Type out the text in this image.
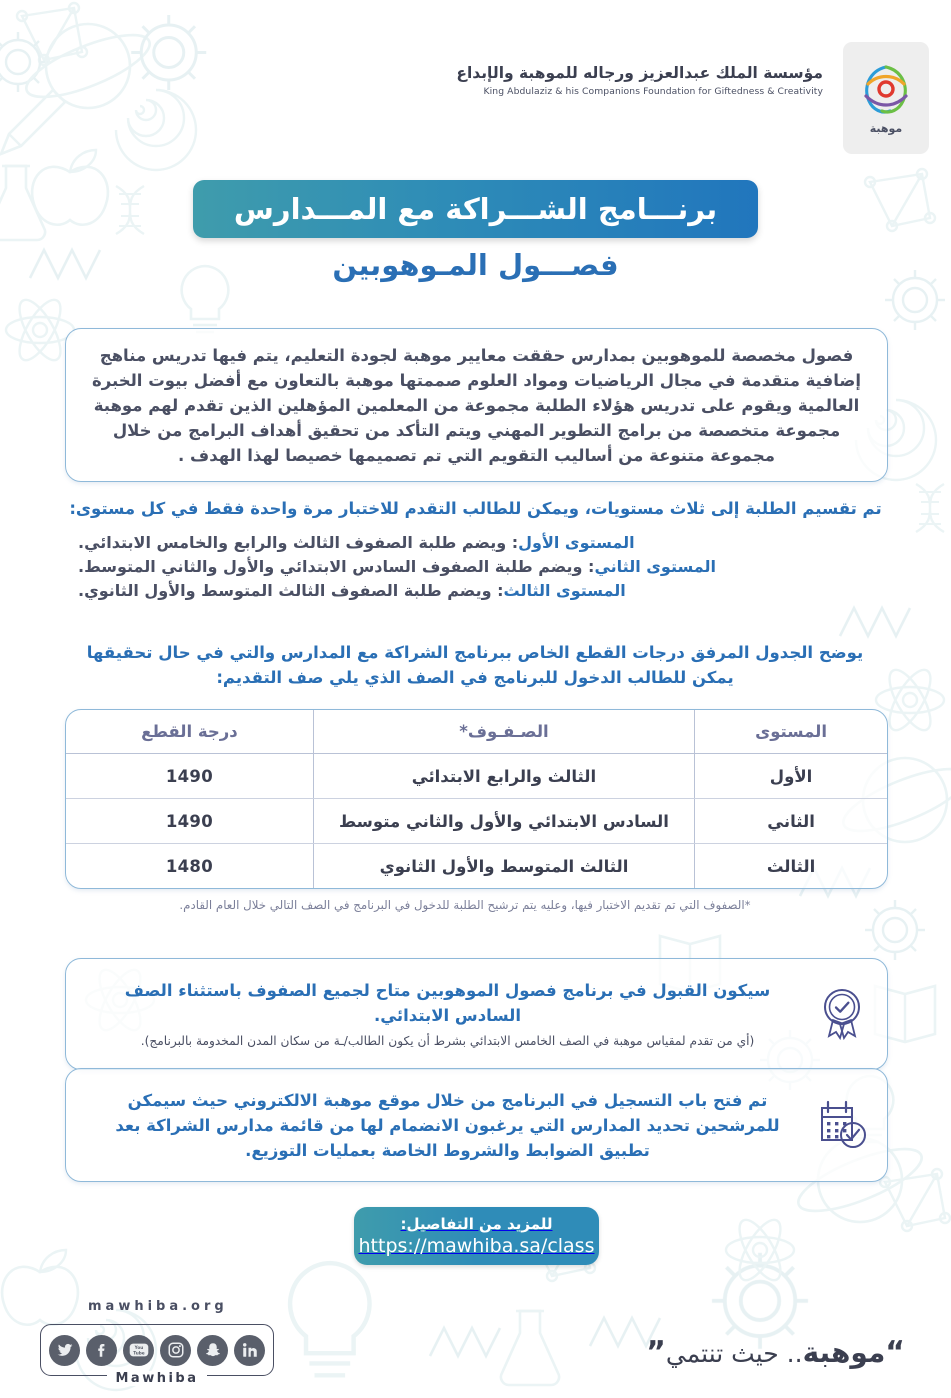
مؤسسة الملك عبدالعزيز ورجاله للموهبة والإبداع
King Abdulaziz & his Companions Foundation for Giftedness & Creativity
موهبة
برنـــامج الشـــراكة مع المـــدارس
فصـــول المـوهوبين

فصول مخصصة للموهوبين بمدارس حققت معايير موهبة لجودة التعليم، يتم فيها تدريس مناهج إضافية متقدمة في مجال الرياضيات ومواد العلوم صممتها موهبة بالتعاون مع أفضل بيوت الخبرة العالمية ويقوم على تدريس هؤلاء الطلبة مجموعة من المعلمين المؤهلين الذين تقدم لهم موهبة مجموعة متخصصة من برامج التطوير المهني ويتم التأكد من تحقيق أهداف البرامج من خلال مجموعة متنوعة من أساليب التقويم التي تم تصميمها خصيصا لهذا الهدف .

تم تقسيم الطلبة إلى ثلاث مستويات، ويمكن للطالب التقدم للاختبار مرة واحدة فقط في كل مستوى:

المستوى الأول: ويضم طلبة الصفوف الثالث والرابع والخامس الابتدائي.
المستوى الثاني: ويضم طلبة الصفوف السادس الابتدائي والأول والثاني المتوسط.
المستوى الثالث: ويضم طلبة الصفوف الثالث المتوسط والأول الثانوي.
يوضح الجدول المرفق درجات القطع الخاص ببرنامج الشراكة مع المدارس والتي في حال تحقيقها يمكن للطالب الدخول للبرنامج في الصف الذي يلي صف التقديم:
المستوى	الصـفـوف*	درجة القطع
الأول	الثالث والرابع الابتدائي	1490
الثاني	السادس الابتدائي والأول والثاني متوسط	1490
الثالث	الثالث المتوسط والأول الثانوي	1480
*الصفوف التي تم تقديم الاختبار فيها، وعليه يتم ترشيح الطلبة للدخول في البرنامج في الصف التالي خلال العام القادم.

سيكون القبول في برنامج فصول الموهوبين متاح لجميع الصفوف باستثناء الصف السادس الابتدائي.

(أي من تقدم لمقياس موهبة في الصف الخامس الابتدائي بشرط أن يكون الطالب/ـة من سكان المدن المخدومة بالبرنامج).

تم فتح باب التسجيل في البرنامج من خلال موقع موهبة الالكتروني حيث سيمكن للمرشحين تحديد المدارس التي يرغبون الانضمام لها من قائمة مدارس الشراكة بعد تطبيق الضوابط والشروط الخاصة بعمليات التوزيع.

للمزيد من التفاصيل:
https://mawhiba.sa/class
mawhiba.org
You
Tube
Mawhiba
“موهبة.. حيث تنتمي”
